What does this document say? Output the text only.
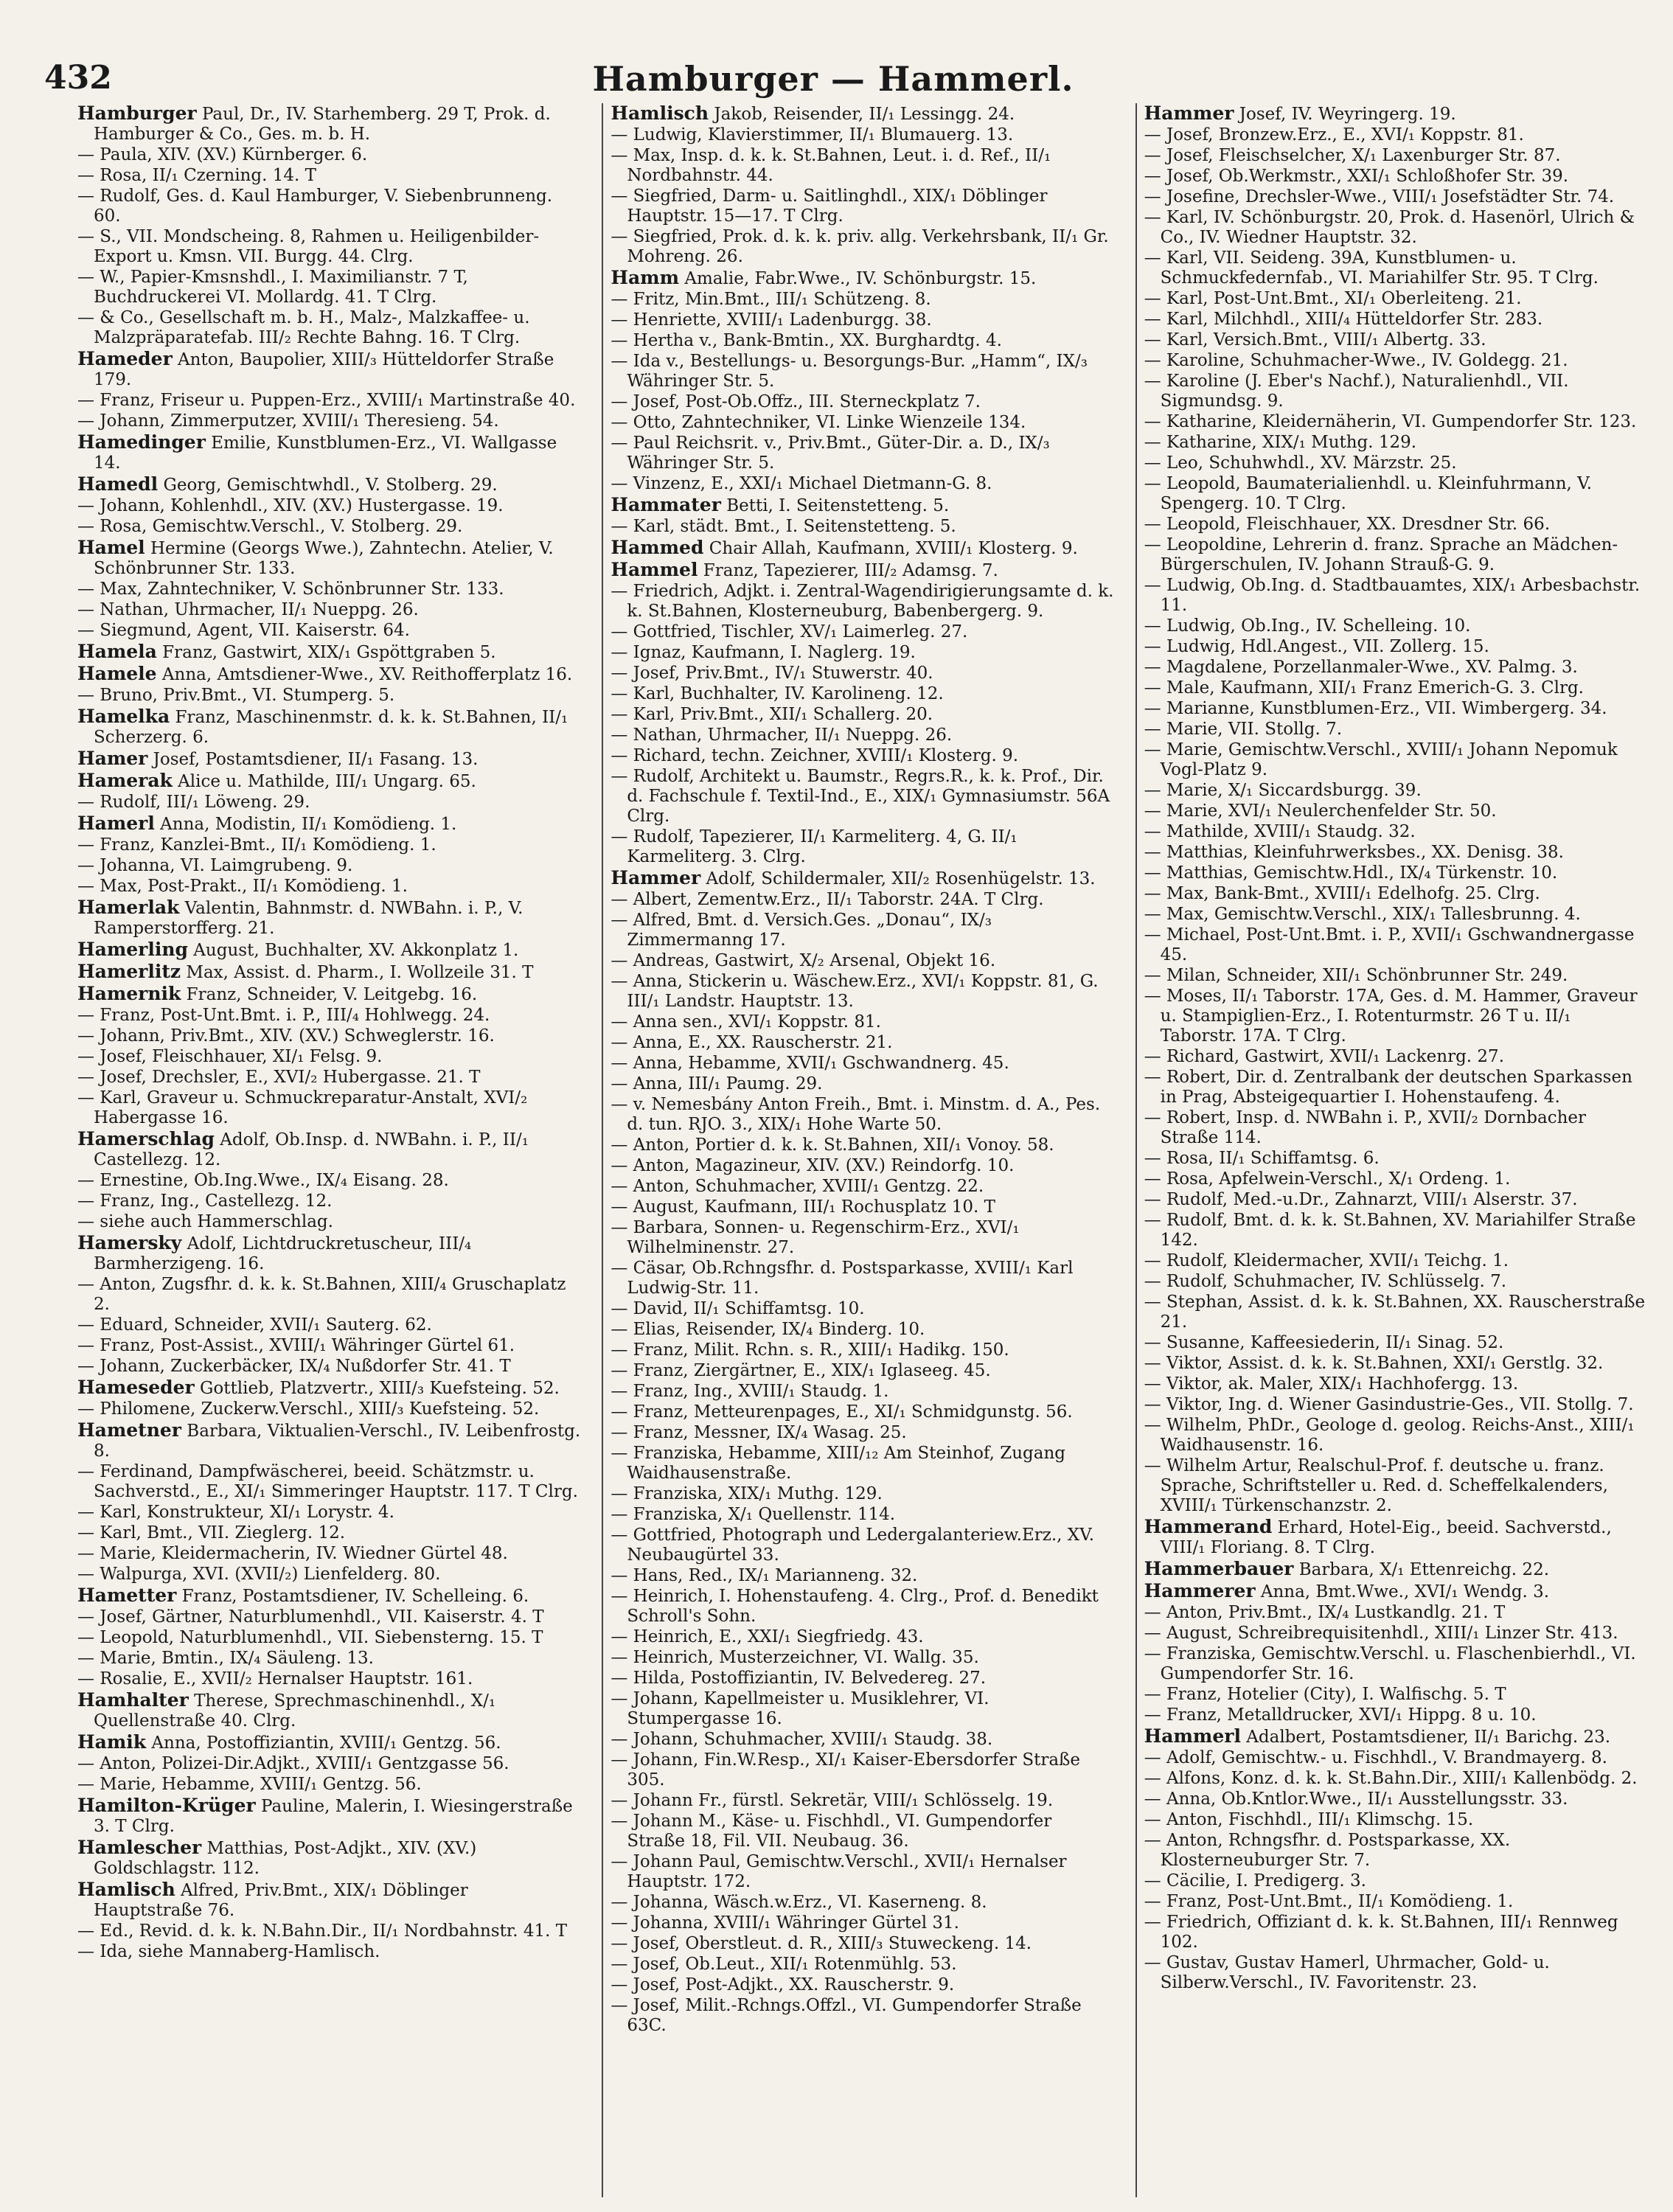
432	Hamburger — Hammerl.
Hamburger Paul, Dr., IV. Starhemberg. 29 T, Prok. d. Hamburger & Co., Ges. m. b. H.
— Paula, XIV. (XV.) Kürnberger. 6.
— Rosa, II/₁ Czerning. 14. T
— Rudolf, Ges. d. Kaul Hamburger, V. Siebenbrunneng. 60.
— S., VII. Mondscheing. 8, Rahmen u. Heiligenbilder-Export u. Kmsn. VII. Burgg. 44. Clrg.
— W., Papier-Kmsnshdl., I. Maximilianstr. 7 T, Buchdruckerei VI. Mollardg. 41. T Clrg.
— & Co., Gesellschaft m. b. H., Malz-, Malzkaffee- u. Malzpräparatefab. III/₂ Rechte Bahng. 16. T Clrg.
Hameder Anton, Baupolier, XIII/₃ Hütteldorfer Straße 179.
— Franz, Friseur u. Puppen-Erz., XVIII/₁ Martinstraße 40.
— Johann, Zimmerputzer, XVIII/₁ Theresieng. 54.
Hamedinger Emilie, Kunstblumen-Erz., VI. Wallgasse 14.
Hamedl Georg, Gemischtwhdl., V. Stolberg. 29.
— Johann, Kohlenhdl., XIV. (XV.) Hustergasse. 19.
— Rosa, Gemischtw.Verschl., V. Stolberg. 29.
Hamel Hermine (Georgs Wwe.), Zahntechn. Atelier, V. Schönbrunner Str. 133.
— Max, Zahntechniker, V. Schönbrunner Str. 133.
— Nathan, Uhrmacher, II/₁ Nueppg. 26.
— Siegmund, Agent, VII. Kaiserstr. 64.
Hamela Franz, Gastwirt, XIX/₁ Gspöttgraben 5.
Hamele Anna, Amtsdiener-Wwe., XV. Reithofferplatz 16.
— Bruno, Priv.Bmt., VI. Stumperg. 5.
Hamelka Franz, Maschinenmstr. d. k. k. St.Bahnen, II/₁ Scherzerg. 6.
Hamer Josef, Postamtsdiener, II/₁ Fasang. 13.
Hamerak Alice u. Mathilde, III/₁ Ungarg. 65.
— Rudolf, III/₁ Löweng. 29.
Hamerl Anna, Modistin, II/₁ Komödieng. 1.
— Franz, Kanzlei-Bmt., II/₁ Komödieng. 1.
— Johanna, VI. Laimgrubeng. 9.
— Max, Post-Prakt., II/₁ Komödieng. 1.
Hamerlak Valentin, Bahnmstr. d. NWBahn. i. P., V. Ramperstorfferg. 21.
Hamerling August, Buchhalter, XV. Akkonplatz 1.
Hamerlitz Max, Assist. d. Pharm., I. Wollzeile 31. T
Hamernik Franz, Schneider, V. Leitgebg. 16.
— Franz, Post-Unt.Bmt. i. P., III/₄ Hohlwegg. 24.
— Johann, Priv.Bmt., XIV. (XV.) Schweglerstr. 16.
— Josef, Fleischhauer, XI/₁ Felsg. 9.
— Josef, Drechsler, E., XVI/₂ Hubergasse. 21. T
— Karl, Graveur u. Schmuckreparatur-Anstalt, XVI/₂ Habergasse 16.
Hamerschlag Adolf, Ob.Insp. d. NWBahn. i. P., II/₁ Castellezg. 12.
— Ernestine, Ob.Ing.Wwe., IX/₄ Eisang. 28.
— Franz, Ing., Castellezg. 12.
— siehe auch Hammerschlag.
Hamersky Adolf, Lichtdruckretuscheur, III/₄ Barmherzigeng. 16.
— Anton, Zugsfhr. d. k. k. St.Bahnen, XIII/₄ Gruschaplatz 2.
— Eduard, Schneider, XVII/₁ Sauterg. 62.
— Franz, Post-Assist., XVIII/₁ Währinger Gürtel 61.
— Johann, Zuckerbäcker, IX/₄ Nußdorfer Str. 41. T
Hameseder Gottlieb, Platzvertr., XIII/₃ Kuefsteing. 52.
— Philomene, Zuckerw.Verschl., XIII/₃ Kuefsteing. 52.
Hametner Barbara, Viktualien-Verschl., IV. Leibenfrostg. 8.
— Ferdinand, Dampfwäscherei, beeid. Schätzmstr. u. Sachverstd., E., XI/₁ Simmeringer Hauptstr. 117. T Clrg.
— Karl, Konstrukteur, XI/₁ Lorystr. 4.
— Karl, Bmt., VII. Zieglerg. 12.
— Marie, Kleidermacherin, IV. Wiedner Gürtel 48.
— Walpurga, XVI. (XVII/₂) Lienfelderg. 80.
Hametter Franz, Postamtsdiener, IV. Schelleing. 6.
— Josef, Gärtner, Naturblumenhdl., VII. Kaiserstr. 4. T
— Leopold, Naturblumenhdl., VII. Siebensterng. 15. T
— Marie, Bmtin., IX/₄ Säuleng. 13.
— Rosalie, E., XVII/₂ Hernalser Hauptstr. 161.
Hamhalter Therese, Sprechmaschinenhdl., X/₁ Quellenstraße 40. Clrg.
Hamik Anna, Postoffiziantin, XVIII/₁ Gentzg. 56.
— Anton, Polizei-Dir.Adjkt., XVIII/₁ Gentzgasse 56.
— Marie, Hebamme, XVIII/₁ Gentzg. 56.
Hamilton-Krüger Pauline, Malerin, I. Wiesingerstraße 3. T Clrg.
Hamlescher Matthias, Post-Adjkt., XIV. (XV.) Goldschlagstr. 112.
Hamlisch Alfred, Priv.Bmt., XIX/₁ Döblinger Hauptstraße 76.
— Ed., Revid. d. k. k. N.Bahn.Dir., II/₁ Nordbahnstr. 41. T
— Ida, siehe Mannaberg-Hamlisch.
Hamlisch Jakob, Reisender, II/₁ Lessingg. 24.
— Ludwig, Klavierstimmer, II/₁ Blumauerg. 13.
— Max, Insp. d. k. k. St.Bahnen, Leut. i. d. Ref., II/₁ Nordbahnstr. 44.
— Siegfried, Darm- u. Saitlinghdl., XIX/₁ Döblinger Hauptstr. 15—17. T Clrg.
— Siegfried, Prok. d. k. k. priv. allg. Verkehrsbank, II/₁ Gr. Mohreng. 26.
Hamm Amalie, Fabr.Wwe., IV. Schönburgstr. 15.
— Fritz, Min.Bmt., III/₁ Schützeng. 8.
— Henriette, XVIII/₁ Ladenburgg. 38.
— Hertha v., Bank-Bmtin., XX. Burghardtg. 4.
— Ida v., Bestellungs- u. Besorgungs-Bur. „Hamm“, IX/₃ Währinger Str. 5.
— Josef, Post-Ob.Offz., III. Sterneckplatz 7.
— Otto, Zahntechniker, VI. Linke Wienzeile 134.
— Paul Reichsrit. v., Priv.Bmt., Güter-Dir. a. D., IX/₃ Währinger Str. 5.
— Vinzenz, E., XXI/₁ Michael Dietmann-G. 8.
Hammater Betti, I. Seitenstetteng. 5.
— Karl, städt. Bmt., I. Seitenstetteng. 5.
Hammed Chair Allah, Kaufmann, XVIII/₁ Klosterg. 9.
Hammel Franz, Tapezierer, III/₂ Adamsg. 7.
— Friedrich, Adjkt. i. Zentral-Wagendirigierungsamte d. k. k. St.Bahnen, Klosterneuburg, Babenbergerg. 9.
— Gottfried, Tischler, XV/₁ Laimerleg. 27.
— Ignaz, Kaufmann, I. Naglerg. 19.
— Josef, Priv.Bmt., IV/₁ Stuwerstr. 40.
— Karl, Buchhalter, IV. Karolineng. 12.
— Karl, Priv.Bmt., XII/₁ Schallerg. 20.
— Nathan, Uhrmacher, II/₁ Nueppg. 26.
— Richard, techn. Zeichner, XVIII/₁ Klosterg. 9.
— Rudolf, Architekt u. Baumstr., Regrs.R., k. k. Prof., Dir. d. Fachschule f. Textil-Ind., E., XIX/₁ Gymnasiumstr. 56A Clrg.
— Rudolf, Tapezierer, II/₁ Karmeliterg. 4, G. II/₁ Karmeliterg. 3. Clrg.
Hammer Adolf, Schildermaler, XII/₂ Rosenhügelstr. 13.
— Albert, Zementw.Erz., II/₁ Taborstr. 24A. T Clrg.
— Alfred, Bmt. d. Versich.Ges. „Donau“, IX/₃ Zimmermanng 17.
— Andreas, Gastwirt, X/₂ Arsenal, Objekt 16.
— Anna, Stickerin u. Wäschew.Erz., XVI/₁ Koppstr. 81, G. III/₁ Landstr. Hauptstr. 13.
— Anna sen., XVI/₁ Koppstr. 81.
— Anna, E., XX. Rauscherstr. 21.
— Anna, Hebamme, XVII/₁ Gschwandnerg. 45.
— Anna, III/₁ Paumg. 29.
— v. Nemesbány Anton Freih., Bmt. i. Minstm. d. A., Pes. d. tun. RJO. 3., XIX/₁ Hohe Warte 50.
— Anton, Portier d. k. k. St.Bahnen, XII/₁ Vonoy. 58.
— Anton, Magazineur, XIV. (XV.) Reindorfg. 10.
— Anton, Schuhmacher, XVIII/₁ Gentzg. 22.
— August, Kaufmann, III/₁ Rochusplatz 10. T
— Barbara, Sonnen- u. Regenschirm-Erz., XVI/₁ Wilhelminenstr. 27.
— Cäsar, Ob.Rchngsfhr. d. Postsparkasse, XVIII/₁ Karl Ludwig-Str. 11.
— David, II/₁ Schiffamtsg. 10.
— Elias, Reisender, IX/₄ Binderg. 10.
— Franz, Milit. Rchn. s. R., XIII/₁ Hadikg. 150.
— Franz, Ziergärtner, E., XIX/₁ Iglaseeg. 45.
— Franz, Ing., XVIII/₁ Staudg. 1.
— Franz, Metteurenpages, E., XI/₁ Schmidgunstg. 56.
— Franz, Messner, IX/₄ Wasag. 25.
— Franziska, Hebamme, XIII/₁₂ Am Steinhof, Zugang Waidhausenstraße.
— Franziska, XIX/₁ Muthg. 129.
— Franziska, X/₁ Quellenstr. 114.
— Gottfried, Photograph und Ledergalanteriew.Erz., XV. Neubaugürtel 33.
— Hans, Red., IX/₁ Marianneng. 32.
— Heinrich, I. Hohenstaufeng. 4. Clrg., Prof. d. Benedikt Schroll's Sohn.
— Heinrich, E., XXI/₁ Siegfriedg. 43.
— Heinrich, Musterzeichner, VI. Wallg. 35.
— Hilda, Postoffiziantin, IV. Belvedereg. 27.
— Johann, Kapellmeister u. Musiklehrer, VI. Stumpergasse 16.
— Johann, Schuhmacher, XVIII/₁ Staudg. 38.
— Johann, Fin.W.Resp., XI/₁ Kaiser-Ebersdorfer Straße 305.
— Johann Fr., fürstl. Sekretär, VIII/₁ Schlösselg. 19.
— Johann M., Käse- u. Fischhdl., VI. Gumpendorfer Straße 18, Fil. VII. Neubaug. 36.
— Johann Paul, Gemischtw.Verschl., XVII/₁ Hernalser Hauptstr. 172.
— Johanna, Wäsch.w.Erz., VI. Kaserneng. 8.
— Johanna, XVIII/₁ Währinger Gürtel 31.
— Josef, Oberstleut. d. R., XIII/₃ Stuweckeng. 14.
— Josef, Ob.Leut., XII/₁ Rotenmühlg. 53.
— Josef, Post-Adjkt., XX. Rauscherstr. 9.
— Josef, Milit.-Rchngs.Offzl., VI. Gumpendorfer Straße 63C.
Hammer Josef, IV. Weyringerg. 19.
— Josef, Bronzew.Erz., E., XVI/₁ Koppstr. 81.
— Josef, Fleischselcher, X/₁ Laxenburger Str. 87.
— Josef, Ob.Werkmstr., XXI/₁ Schloßhofer Str. 39.
— Josefine, Drechsler-Wwe., VIII/₁ Josefstädter Str. 74.
— Karl, IV. Schönburgstr. 20, Prok. d. Hasenörl, Ulrich & Co., IV. Wiedner Hauptstr. 32.
— Karl, VII. Seideng. 39A, Kunstblumen- u. Schmuckfedernfab., VI. Mariahilfer Str. 95. T Clrg.
— Karl, Post-Unt.Bmt., XI/₁ Oberleiteng. 21.
— Karl, Milchhdl., XIII/₄ Hütteldorfer Str. 283.
— Karl, Versich.Bmt., VIII/₁ Albertg. 33.
— Karoline, Schuhmacher-Wwe., IV. Goldegg. 21.
— Karoline (J. Eber's Nachf.), Naturalienhdl., VII. Sigmundsg. 9.
— Katharine, Kleidernäherin, VI. Gumpendorfer Str. 123.
— Katharine, XIX/₁ Muthg. 129.
— Leo, Schuhwhdl., XV. Märzstr. 25.
— Leopold, Baumaterialienhdl. u. Kleinfuhrmann, V. Spengerg. 10. T Clrg.
— Leopold, Fleischhauer, XX. Dresdner Str. 66.
— Leopoldine, Lehrerin d. franz. Sprache an Mädchen-Bürgerschulen, IV. Johann Strauß-G. 9.
— Ludwig, Ob.Ing. d. Stadtbauamtes, XIX/₁ Arbesbachstr. 11.
— Ludwig, Ob.Ing., IV. Schelleing. 10.
— Ludwig, Hdl.Angest., VII. Zollerg. 15.
— Magdalene, Porzellanmaler-Wwe., XV. Palmg. 3.
— Male, Kaufmann, XII/₁ Franz Emerich-G. 3. Clrg.
— Marianne, Kunstblumen-Erz., VII. Wimbergerg. 34.
— Marie, VII. Stollg. 7.
— Marie, Gemischtw.Verschl., XVIII/₁ Johann Nepomuk Vogl-Platz 9.
— Marie, X/₁ Siccardsburgg. 39.
— Marie, XVI/₁ Neulerchenfelder Str. 50.
— Mathilde, XVIII/₁ Staudg. 32.
— Matthias, Kleinfuhrwerksbes., XX. Denisg. 38.
— Matthias, Gemischtw.Hdl., IX/₄ Türkenstr. 10.
— Max, Bank-Bmt., XVIII/₁ Edelhofg. 25. Clrg.
— Max, Gemischtw.Verschl., XIX/₁ Tallesbrunng. 4.
— Michael, Post-Unt.Bmt. i. P., XVII/₁ Gschwandnergasse 45.
— Milan, Schneider, XII/₁ Schönbrunner Str. 249.
— Moses, II/₁ Taborstr. 17A, Ges. d. M. Hammer, Graveur u. Stampiglien-Erz., I. Rotenturmstr. 26 T u. II/₁ Taborstr. 17A. T Clrg.
— Richard, Gastwirt, XVII/₁ Lackenrg. 27.
— Robert, Dir. d. Zentralbank der deutschen Sparkassen in Prag, Absteigequartier I. Hohenstaufeng. 4.
— Robert, Insp. d. NWBahn i. P., XVII/₂ Dornbacher Straße 114.
— Rosa, II/₁ Schiffamtsg. 6.
— Rosa, Apfelwein-Verschl., X/₁ Ordeng. 1.
— Rudolf, Med.-u.Dr., Zahnarzt, VIII/₁ Alserstr. 37.
— Rudolf, Bmt. d. k. k. St.Bahnen, XV. Mariahilfer Straße 142.
— Rudolf, Kleidermacher, XVII/₁ Teichg. 1.
— Rudolf, Schuhmacher, IV. Schlüsselg. 7.
— Stephan, Assist. d. k. k. St.Bahnen, XX. Rauscherstraße 21.
— Susanne, Kaffeesiederin, II/₁ Sinag. 52.
— Viktor, Assist. d. k. k. St.Bahnen, XXI/₁ Gerstlg. 32.
— Viktor, ak. Maler, XIX/₁ Hachhofergg. 13.
— Viktor, Ing. d. Wiener Gasindustrie-Ges., VII. Stollg. 7.
— Wilhelm, PhDr., Geologe d. geolog. Reichs-Anst., XIII/₁ Waidhausenstr. 16.
— Wilhelm Artur, Realschul-Prof. f. deutsche u. franz. Sprache, Schriftsteller u. Red. d. Scheffelkalenders, XVIII/₁ Türkenschanzstr. 2.
Hammerand Erhard, Hotel-Eig., beeid. Sachverstd., VIII/₁ Floriang. 8. T Clrg.
Hammerbauer Barbara, X/₁ Ettenreichg. 22.
Hammerer Anna, Bmt.Wwe., XVI/₁ Wendg. 3.
— Anton, Priv.Bmt., IX/₄ Lustkandlg. 21. T
— August, Schreibrequisitenhdl., XIII/₁ Linzer Str. 413.
— Franziska, Gemischtw.Verschl. u. Flaschenbierhdl., VI. Gumpendorfer Str. 16.
— Franz, Hotelier (City), I. Walfischg. 5. T
— Franz, Metalldrucker, XVI/₁ Hippg. 8 u. 10.
Hammerl Adalbert, Postamtsdiener, II/₁ Barichg. 23.
— Adolf, Gemischtw.- u. Fischhdl., V. Brandmayerg. 8.
— Alfons, Konz. d. k. k. St.Bahn.Dir., XIII/₁ Kallenbödg. 2.
— Anna, Ob.Kntlor.Wwe., II/₁ Ausstellungsstr. 33.
— Anton, Fischhdl., III/₁ Klimschg. 15.
— Anton, Rchngsfhr. d. Postsparkasse, XX. Klosterneuburger Str. 7.
— Cäcilie, I. Predigerg. 3.
— Franz, Post-Unt.Bmt., II/₁ Komödieng. 1.
— Friedrich, Offiziant d. k. k. St.Bahnen, III/₁ Rennweg 102.
— Gustav, Gustav Hamerl, Uhrmacher, Gold- u. Silberw.Verschl., IV. Favoritenstr. 23.
